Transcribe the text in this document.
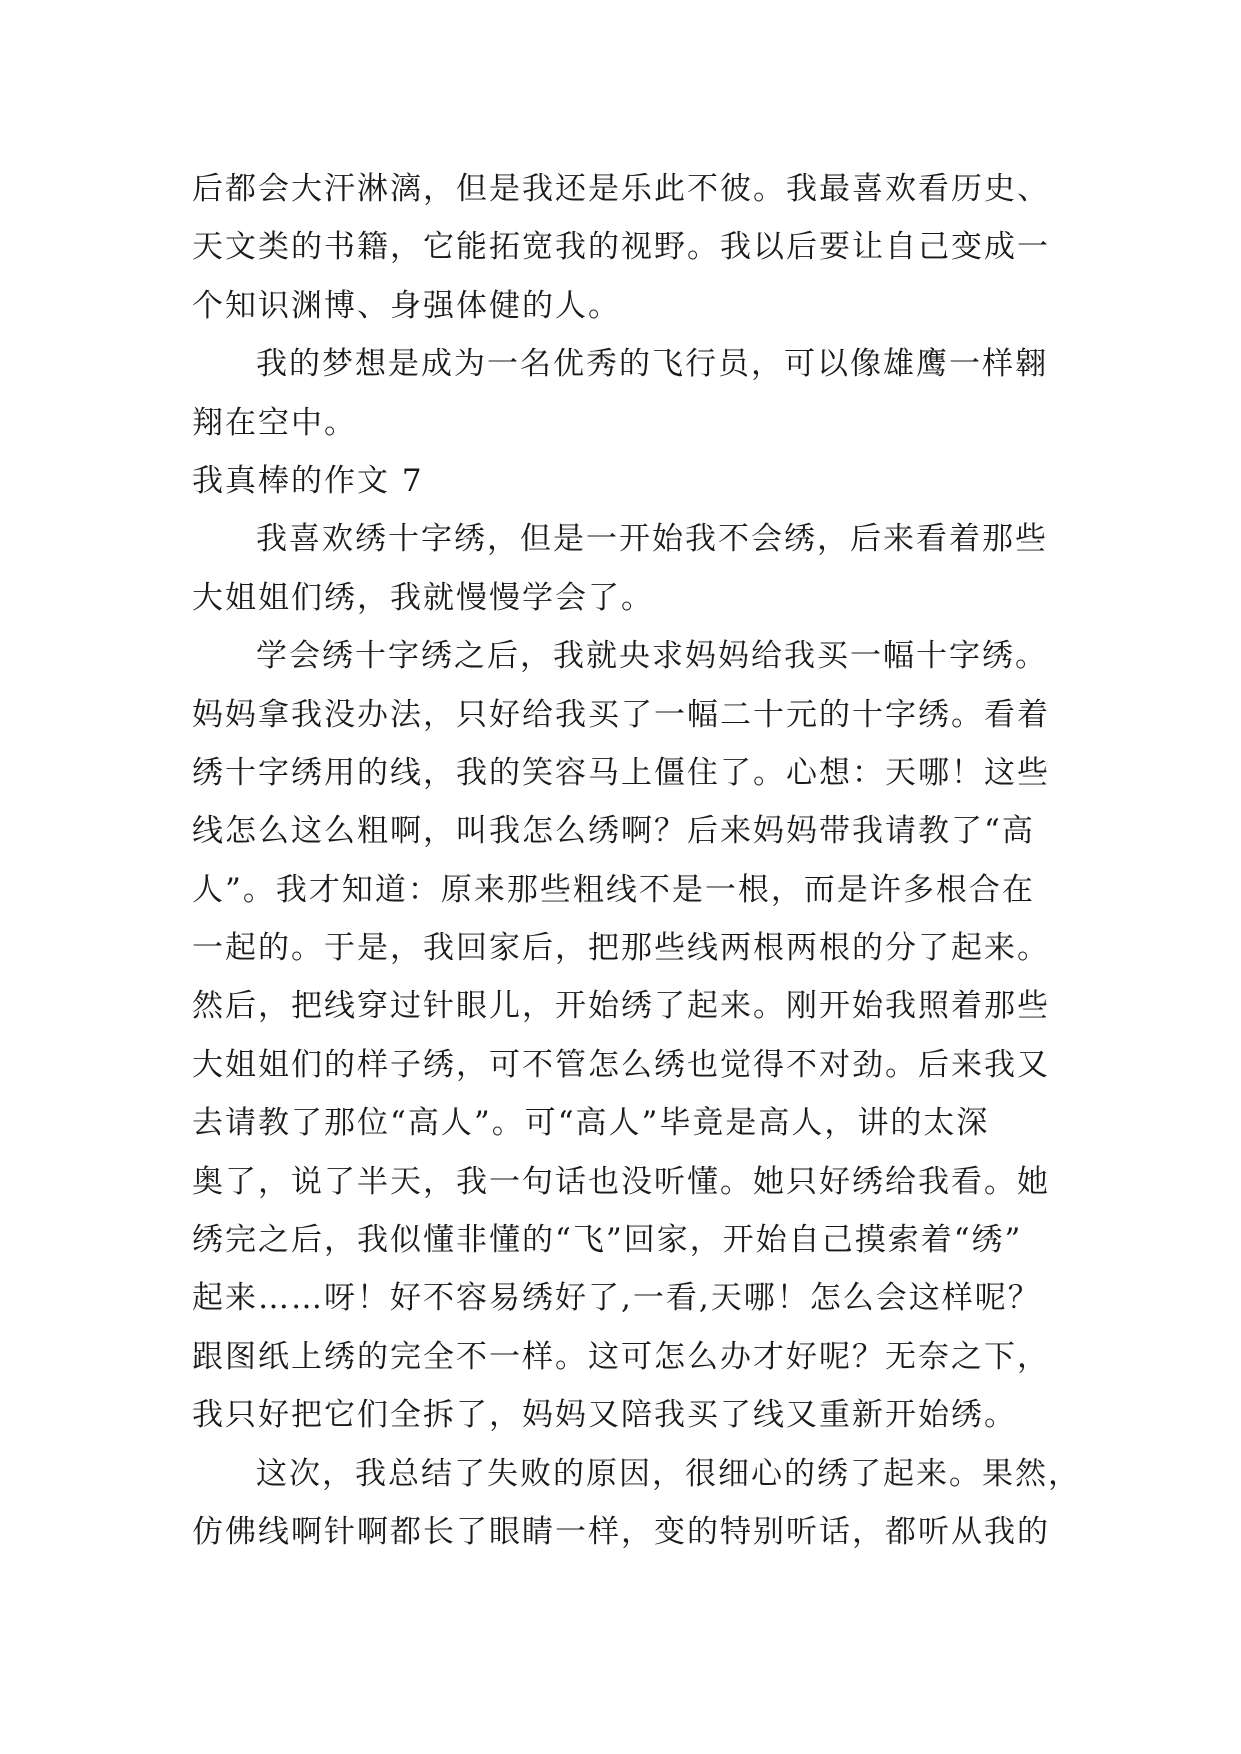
后都会大汗淋漓，但是我还是乐此不彼。我最喜欢看历史、
天文类的书籍，它能拓宽我的视野。我以后要让自己变成一
个知识渊博、身强体健的人。
我的梦想是成为一名优秀的飞行员，可以像雄鹰一样翱
翔在空中。
我真棒的作文 7
我喜欢绣十字绣，但是一开始我不会绣，后来看着那些
大姐姐们绣，我就慢慢学会了。
学会绣十字绣之后，我就央求妈妈给我买一幅十字绣。
妈妈拿我没办法，只好给我买了一幅二十元的十字绣。看着
绣十字绣用的线，我的笑容马上僵住了。心想：天哪！这些
线怎么这么粗啊，叫我怎么绣啊？后来妈妈带我请教了“高
人”。我才知道：原来那些粗线不是一根，而是许多根合在
一起的。于是，我回家后，把那些线两根两根的分了起来。
然后，把线穿过针眼儿，开始绣了起来。刚开始我照着那些
大姐姐们的样子绣，可不管怎么绣也觉得不对劲。后来我又
去请教了那位“高人”。可“高人”毕竟是高人，讲的太深
奥了，说了半天，我一句话也没听懂。她只好绣给我看。她
绣完之后，我似懂非懂的“飞”回家，开始自己摸索着“绣”
起来……呀！好不容易绣好了,一看,天哪！怎么会这样呢？
跟图纸上绣的完全不一样。这可怎么办才好呢？无奈之下，
我只好把它们全拆了，妈妈又陪我买了线又重新开始绣。
这次，我总结了失败的原因，很细心的绣了起来。果然，
仿佛线啊针啊都长了眼睛一样，变的特别听话，都听从我的
